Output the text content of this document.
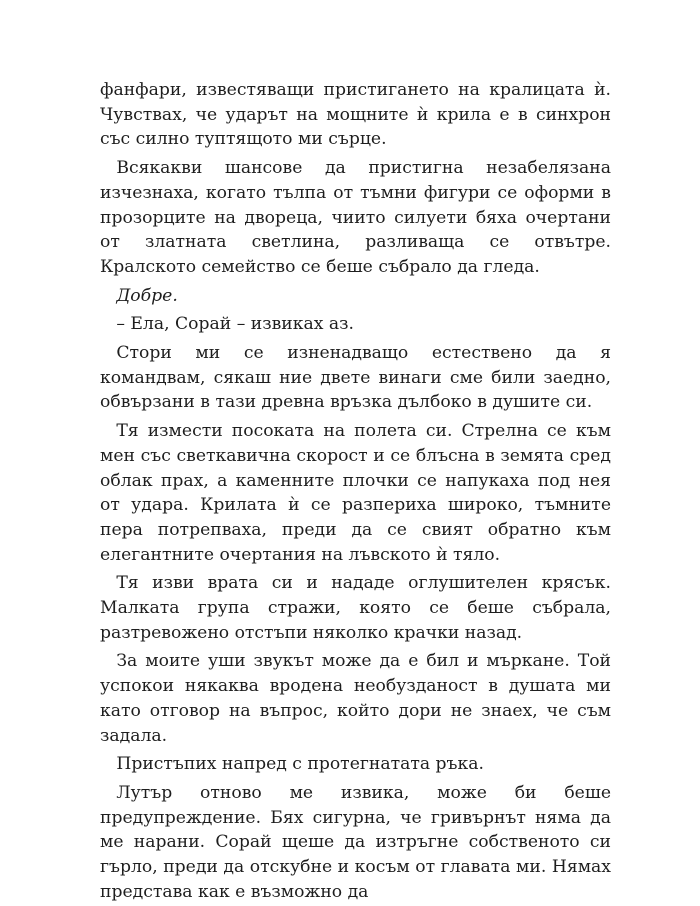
фанфари, известяващи пристигането на кралицата ѝ. Чувствах, че ударът на мощните ѝ крила е в синхрон със силно туптящото ми сърце.

Всякакви шансове да пристигна незабелязана изчезнаха, когато тълпа от тъмни фигури се оформи в прозорците на двореца, чиито силуети бяха очертани от златната светлина, разливаща се отвътре. Кралското семейство се беше събрало да гледа.

Добре.

– Ела, Сорай – извиках аз.

Стори ми се изненадващо естествено да я командвам, сякаш ние двете винаги сме били заедно, обвързани в тази древна връзка дълбоко в душите си.

Тя измести посоката на полета си. Стрелна се към мен със светкавична скорост и се блъсна в земята сред облак прах, а каменните плочки се напукаха под нея от удара. Крилата ѝ се разпериха широко, тъмните пера потрепваха, преди да се свият обратно към елегантните очертания на лъвското ѝ тяло.

Тя изви врата си и нададе оглушителен крясък. Малката група стражи, която се беше събрала, разтревожено отстъпи няколко крачки назад.

За моите уши звукът може да е бил и мъркане. Той успокои някаква вродена необузданост в душата ми като отговор на въпрос, който дори не знаех, че съм задала.

Пристъпих напред с протегнатата ръка.

Лутър отново ме извика, може би беше предупреждение. Бях сигурна, че гривърнът няма да ме нарани. Сорай щеше да изтръгне собственото си гърло, преди да отскубне и косъм от главата ми. Нямах представа как е възможно да
